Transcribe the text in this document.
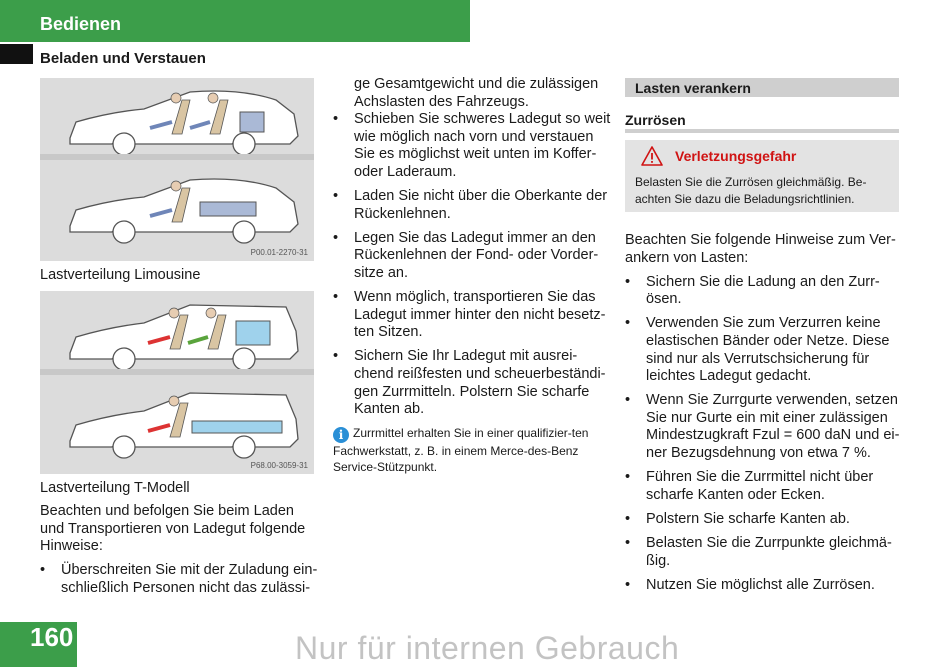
Bedienen
Beladen und Verstauen
P00.01-2270-31
Lastverteilung Limousine
P68.00-3059-31
Lastverteilung T-Modell

Beachten und befolgen Sie beim Laden und Transportieren von Ladegut folgende Hinweise:

• Überschreiten Sie mit der Zuladung ein-schließlich Personen nicht das zulässi-

ge Gesamtgewicht und die zulässigen Achslasten des Fahrzeugs.

• Schieben Sie schweres Ladegut so weit wie möglich nach vorn und verstauen Sie es möglichst weit unten im Koffer-oder Laderaum.
• Laden Sie nicht über die Oberkante der Rückenlehnen.
• Legen Sie das Ladegut immer an den Rückenlehnen der Fond- oder Vorder-sitze an.
• Wenn möglich, transportieren Sie das Ladegut immer hinter den nicht besetz-ten Sitzen.
• Sichern Sie Ihr Ladegut mit ausrei-chend reißfesten und scheuerbeständi-gen Zurrmitteln. Polstern Sie scharfe Kanten ab.
i Zurrmittel erhalten Sie in einer qualifizier-ten Fachwerkstatt, z. B. in einem Merce-des-Benz Service-Stützpunkt.
Lasten verankern
Zurrösen
Verletzungsgefahr
Belasten Sie die Zurrösen gleichmäßig. Be-achten Sie dazu die Beladungsrichtlinien.

Beachten Sie folgende Hinweise zum Ver-ankern von Lasten:

• Sichern Sie die Ladung an den Zurr-ösen.
• Verwenden Sie zum Verzurren keine elastischen Bänder oder Netze. Diese sind nur als Verrutschsicherung für leichtes Ladegut gedacht.
• Wenn Sie Zurrgurte verwenden, setzen Sie nur Gurte ein mit einer zulässigen Mindestzugkraft Fzul = 600 daN und ei-ner Bezugsdehnung von etwa 7 %.
• Führen Sie die Zurrmittel nicht über scharfe Kanten oder Ecken.
• Polstern Sie scharfe Kanten ab.
• Belasten Sie die Zurrpunkte gleichmä-ßig.
• Nutzen Sie möglichst alle Zurrösen.
160	Nur für internen Gebrauch
